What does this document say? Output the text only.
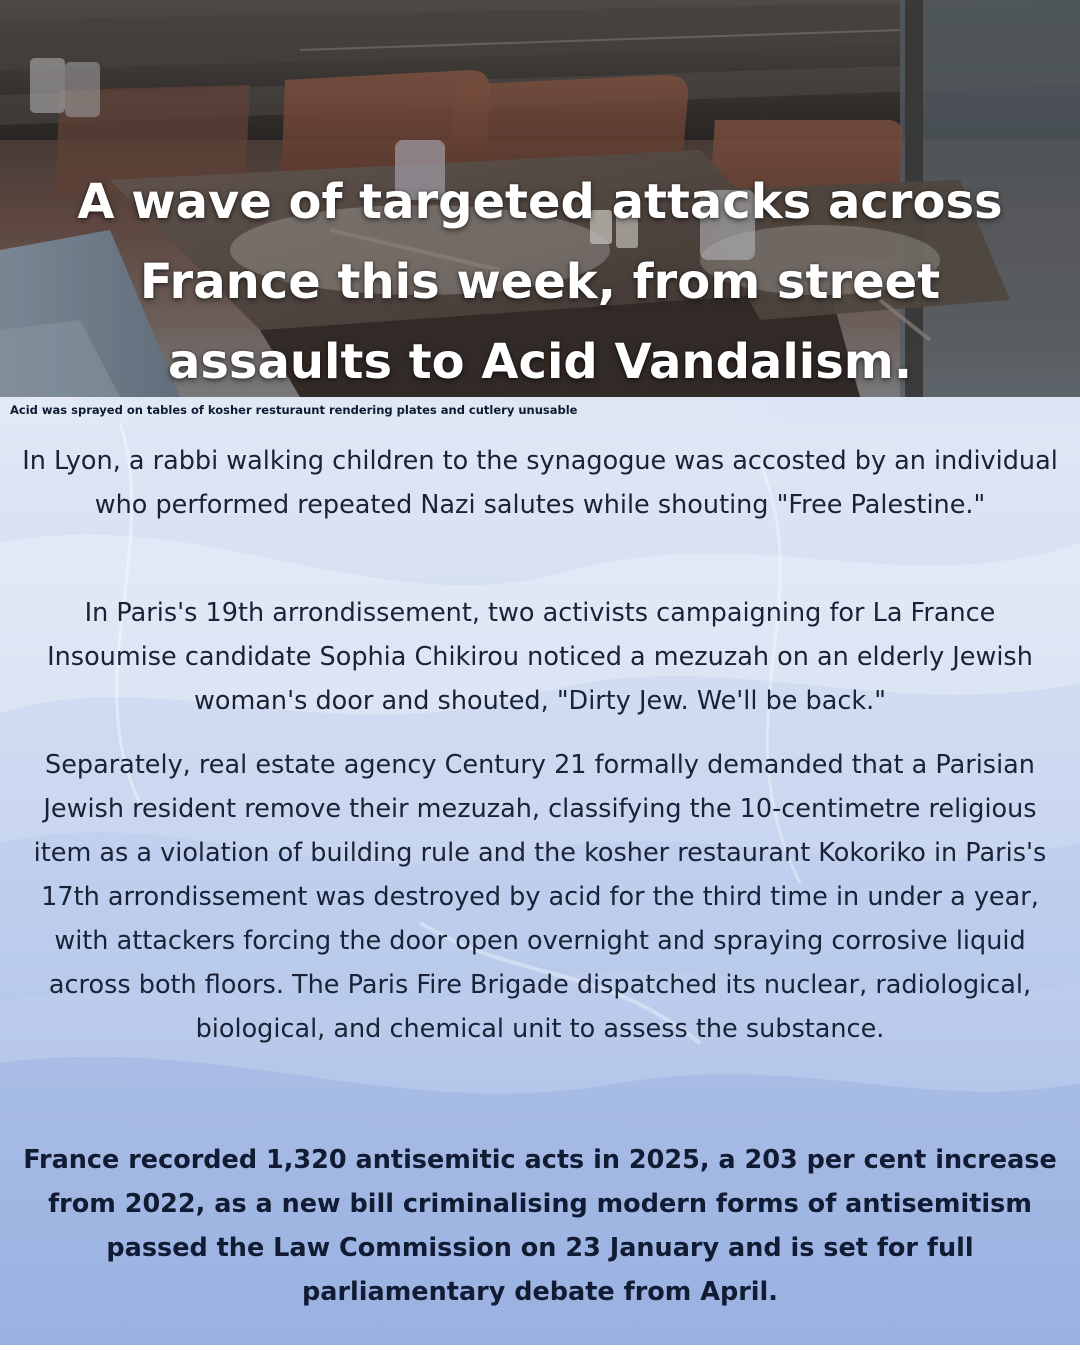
A wave of targeted attacks across
France this week, from street
assaults to Acid Vandalism.

Acid was sprayed on tables of kosher resturaunt rendering plates and cutlery unusable

In Lyon, a rabbi walking children to the synagogue was accosted by an individual who performed repeated Nazi salutes while shouting "Free Palestine."

In Paris's 19th arrondissement, two activists campaigning for La France Insoumise candidate Sophia Chikirou noticed a mezuzah on an elderly Jewish woman's door and shouted, "Dirty Jew. We'll be back."

Separately, real estate agency Century 21 formally demanded that a Parisian Jewish resident remove their mezuzah, classifying the 10-centimetre religious item as a violation of building rule and the kosher restaurant Kokoriko in Paris's 17th arrondissement was destroyed by acid for the third time in under a year, with attackers forcing the door open overnight and spraying corrosive liquid across both floors. The Paris Fire Brigade dispatched its nuclear, radiological, biological, and chemical unit to assess the substance.

France recorded 1,320 antisemitic acts in 2025, a 203 per cent increase from 2022, as a new bill criminalising modern forms of antisemitism passed the Law Commission on 23 January and is set for full parliamentary debate from April.
